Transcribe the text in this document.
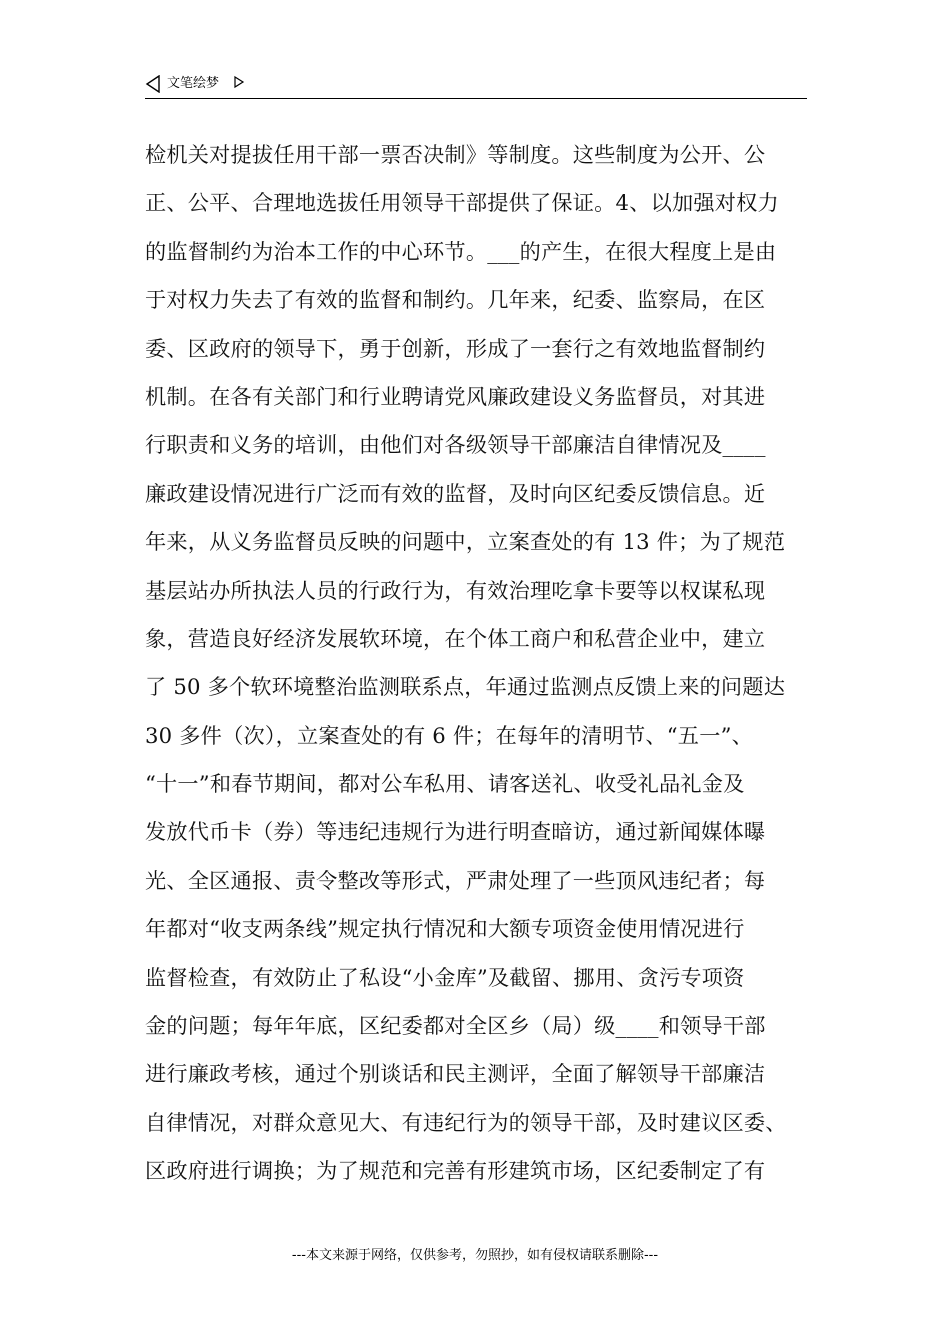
文笔绘梦
检机关对提拔任用干部一票否决制》等制度。这些制度为公开、公
正、公平、合理地选拔任用领导干部提供了保证。4、以加强对权力
的监督制约为治本工作的中心环节。___的产生，在很大程度上是由
于对权力失去了有效的监督和制约。几年来，纪委、监察局，在区
委、区政府的领导下，勇于创新，形成了一套行之有效地监督制约
机制。在各有关部门和行业聘请党风廉政建设义务监督员，对其进
行职责和义务的培训，由他们对各级领导干部廉洁自律情况及____
廉政建设情况进行广泛而有效的监督，及时向区纪委反馈信息。近
年来，从义务监督员反映的问题中，立案查处的有 13 件；为了规范
基层站办所执法人员的行政行为，有效治理吃拿卡要等以权谋私现
象，营造良好经济发展软环境，在个体工商户和私营企业中，建立
了 50 多个软环境整治监测联系点，年通过监测点反馈上来的问题达
30 多件（次），立案查处的有 6 件；在每年的清明节、“五一”、
“十一”和春节期间，都对公车私用、请客送礼、收受礼品礼金及
发放代币卡（券）等违纪违规行为进行明查暗访，通过新闻媒体曝
光、全区通报、责令整改等形式，严肃处理了一些顶风违纪者；每
年都对“收支两条线”规定执行情况和大额专项资金使用情况进行
监督检查，有效防止了私设“小金库”及截留、挪用、贪污专项资
金的问题；每年年底，区纪委都对全区乡（局）级____和领导干部
进行廉政考核，通过个别谈话和民主测评，全面了解领导干部廉洁
自律情况，对群众意见大、有违纪行为的领导干部，及时建议区委、
区政府进行调换；为了规范和完善有形建筑市场，区纪委制定了有
---本文来源于网络，仅供参考，勿照抄，如有侵权请联系删除---
